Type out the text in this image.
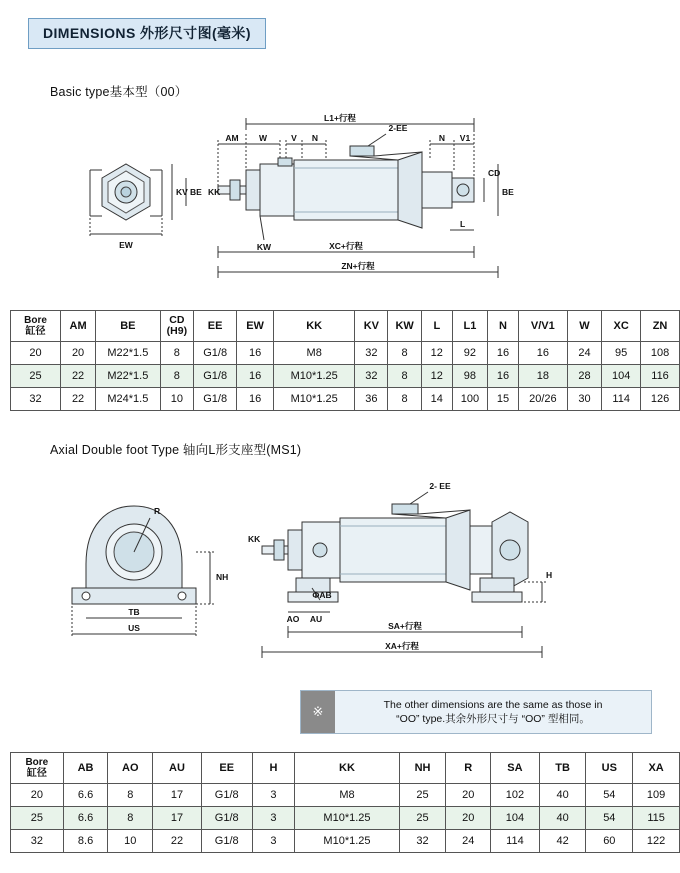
DIMENSIONS 外形尺寸图(毫米)
Basic type基本型（00）
L1+行程
AM W	V N
2-EE
N V1
KV BE KK
KW
BE
CD
L
EW	XC+行程
ZN+行程
Bore
缸径	AM	BE	CD
(H9)	EE	EW	KK	KV	KW	L	L1	N	V/V1	W	XC	ZN
20	20	M22*1.5	8	G1/8	16	M8	32	8	12	92	16	16	24	95	108
25	22	M22*1.5	8	G1/8	16	M10*1.25	32	8	12	98	16	18	28	104	116
32	22	M24*1.5	10	G1/8	16	M10*1.25	36	8	14	100	15	20/26	30	114	126
Axial Double foot Type 轴向L形支座型(MS1)
2- EE
R
KK
NH	H
TB
US
ΦAB
AO AU
SA+行程
XA+行程
※	The other dimensions are the same as those in
“OO” type.其余外形尺寸与 “OO” 型相同。
Bore
缸径	AB	AO	AU	EE	H	KK	NH	R	SA	TB	US	XA
20	6.6	8	17	G1/8	3	M8	25	20	102	40	54	109
25	6.6	8	17	G1/8	3	M10*1.25	25	20	104	40	54	115
32	8.6	10	22	G1/8	3	M10*1.25	32	24	114	42	60	122
